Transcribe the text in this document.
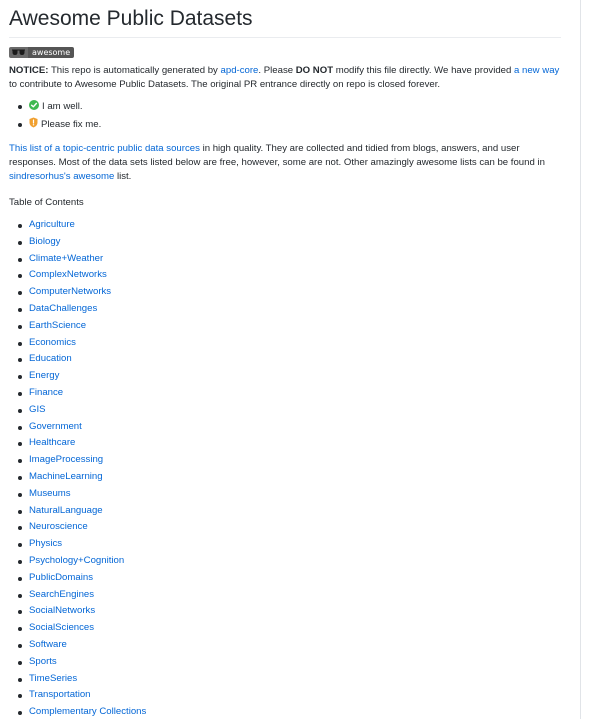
Awesome Public Datasets
awesome

NOTICE: This repo is automatically generated by apd-core. Please DO NOT modify this file directly. We have provided a new way to contribute to Awesome Public Datasets. The original PR entrance directly on repo is closed forever.

I am well.
Please fix me.

This list of a topic-centric public data sources in high quality. They are collected and tidied from blogs, answers, and user responses. Most of the data sets listed below are free, however, some are not. Other amazingly awesome lists can be found in sindresorhus's awesome list.

Table of Contents
Agriculture
Biology
Climate+Weather
ComplexNetworks
ComputerNetworks
DataChallenges
EarthScience
Economics
Education
Energy
Finance
GIS
Government
Healthcare
ImageProcessing
MachineLearning
Museums
NaturalLanguage
Neuroscience
Physics
Psychology+Cognition
PublicDomains
SearchEngines
SocialNetworks
SocialSciences
Software
Sports
TimeSeries
Transportation
Complementary Collections
